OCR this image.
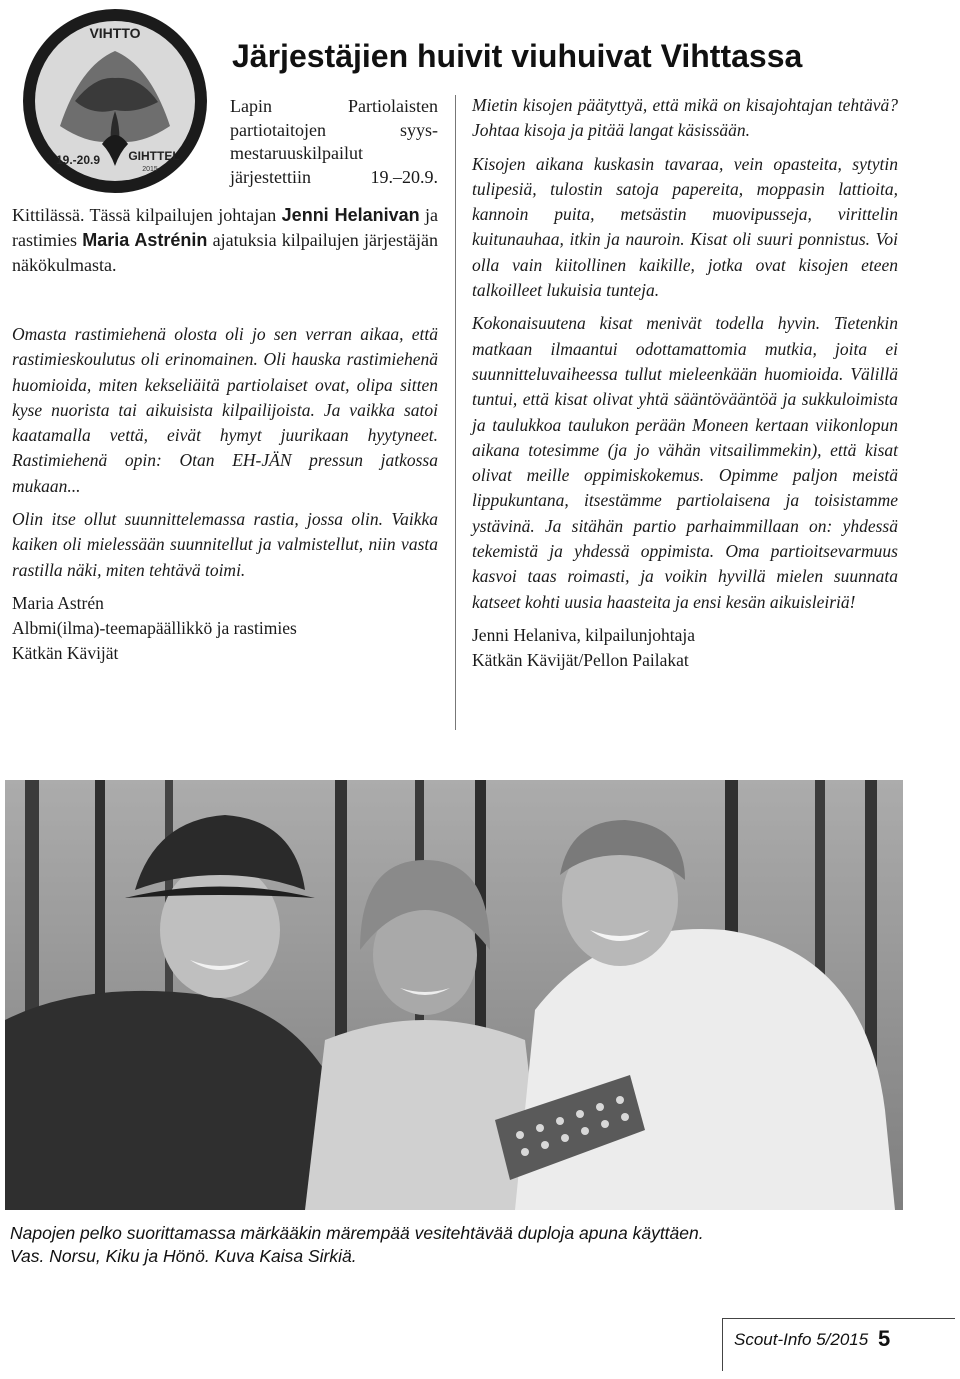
Järjestäjien huivit viuhuivat Vihttassa
VIHTTO
19.-20.9 GIHTTEL
2015
Lapin Partiolaisten
partiotaitojen syys-
mestaruuskilpailut
järjestettiin 19.–20.9.
Kittilässä. Tässä kilpailujen johtajan Jenni Helanivan ja rastimies Maria Astrénin ajatuksia kilpailujen järjestäjän näkökulmasta.

Omasta rastimiehenä olosta oli jo sen verran aikaa, että rastimieskoulutus oli erinomainen. Oli hauska rastimiehenä huomioida, miten kekseliäitä partiolaiset ovat, olipa sitten kyse nuorista tai aikuisista kilpailijoista. Ja vaikka satoi kaatamalla vettä, eivät hymyt juurikaan hyytyneet. Rastimiehenä opin: Otan EH-JÄN pressun jatkossa mukaan...

Olin itse ollut suunnittelemassa rastia, jossa olin. Vaikka kaiken oli mielessään suunnitellut ja valmistellut, niin vasta rastilla näki, miten tehtävä toimi.

Maria Astrén
Albmi(ilma)-teemapäällikkö ja rastimies
Kätkän Kävijät

Mietin kisojen päätyttyä, että mikä on kisajohtajan tehtävä? Johtaa kisoja ja pitää langat käsissään.

Kisojen aikana kuskasin tavaraa, vein opasteita, sytytin tulipesiä, tulostin satoja papereita, moppasin lattioita, kannoin puita, metsästin muovipusseja, virittelin kuitunauhaa, itkin ja nauroin. Kisat oli suuri ponnistus. Voi olla vain kiitollinen kaikille, jotka ovat kisojen eteen talkoilleet lukuisia tunteja.

Kokonaisuutena kisat menivät todella hyvin. Tietenkin matkaan ilmaantui odottamattomia mutkia, joita ei suunnitteluvaiheessa tullut mieleenkään huomioida. Välillä tuntui, että kisat olivat yhtä sääntövääntöä ja sukkuloimista ja taulukkoa taulukon perään Moneen kertaan viikonlopun aikana totesimme (ja jo vähän vitsailimmekin), että kisat olivat meille oppimiskokemus. Opimme paljon meistä lippukuntana, itsestämme partiolaisena ja toisistamme ystävinä. Ja sitähän partio parhaimmillaan on: yhdessä tekemistä ja yhdessä oppimista. Oma partioitsevarmuus kasvoi taas roimasti, ja voikin hyvillä mielen suunnata katseet kohti uusia haasteita ja ensi kesän aikuisleiriä!

Jenni Helaniva, kilpailunjohtaja
Kätkän Kävijät/Pellon Pailakat
Napojen pelko suorittamassa märkääkin märempää vesitehtävää duploja apuna käyttäen.
Vas. Norsu, Kiku ja Hönö. Kuva Kaisa Sirkiä.
Scout-Info 5/2015 5
